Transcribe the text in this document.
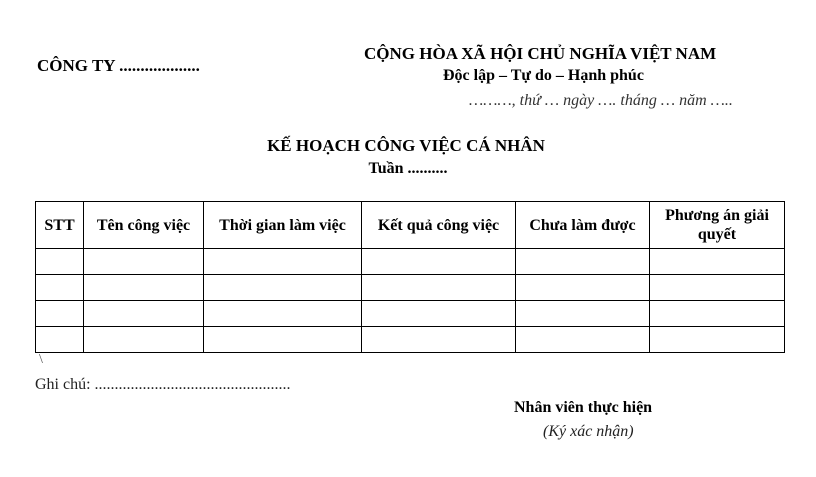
CÔNG TY ...................
CỘNG HÒA XÃ HỘI CHỦ NGHĨA VIỆT NAM
Độc lập – Tự do – Hạnh phúc
………, thứ … ngày …. tháng … năm …..
KẾ HOẠCH CÔNG VIỆC CÁ NHÂN
Tuần ..........
STT	Tên công việc	Thời gian làm việc	Kết quả công việc	Chưa làm được	Phương án giải quyết

\
Ghi chú: .................................................
Nhân viên thực hiện
(Ký xác nhận)
